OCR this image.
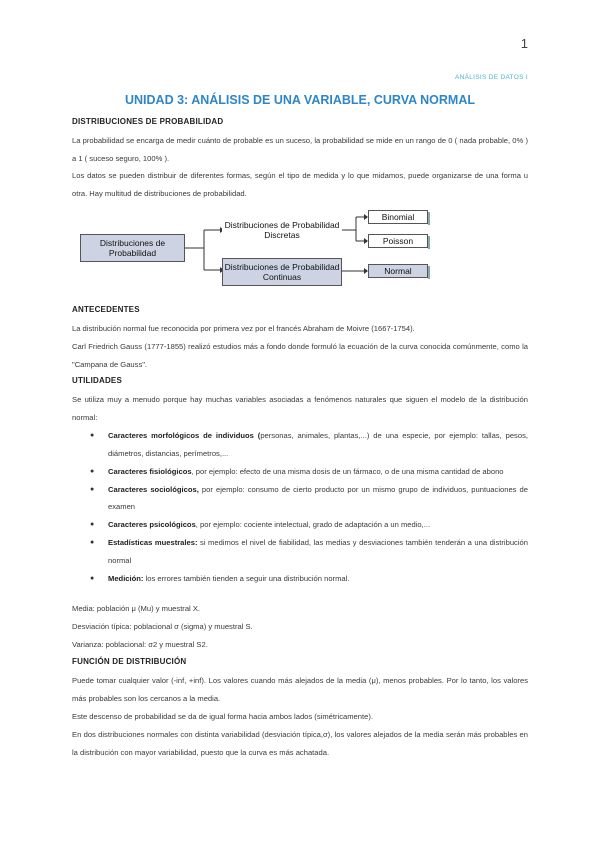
1
ANÁLISIS DE DATOS I
UNIDAD 3: ANÁLISIS DE UNA VARIABLE, CURVA NORMAL
DISTRIBUCIONES DE PROBABILIDAD
La probabilidad se encarga de medir cuánto de probable es un suceso, la probabilidad se mide en un rango de 0 ( nada probable, 0% ) a 1 ( suceso seguro, 100% ).
Los datos se pueden distribuir de diferentes formas, según el tipo de medida y lo que midamos, puede organizarse de una forma u otra. Hay multitud de distribuciones de probabilidad.
Distribuciones de Probabilidad
Distribuciones de Probabilidad Discretas
Distribuciones de Probabilidad Continuas
Binomial
Poisson
Normal
ANTECEDENTES
La distribución normal fue reconocida por primera vez por el francés Abraham de Moivre (1667-1754).
Carl Friedrich Gauss (1777-1855) realizó estudios más a fondo donde formuló la ecuación de la curva conocida comúnmente, como la "Campana de Gauss".
UTILIDADES
Se utiliza muy a menudo porque hay muchas variables asociadas a fenómenos naturales que siguen el modelo de la distribución normal:
● Caracteres morfológicos de individuos (personas, animales, plantas,...) de una especie, por ejemplo: tallas, pesos, diámetros, distancias, perímetros,...
● Caracteres fisiológicos, por ejemplo: efecto de una misma dosis de un fármaco, o de una misma cantidad de abono
● Caracteres sociológicos, por ejemplo: consumo de cierto producto por un mismo grupo de individuos, puntuaciones de examen
● Caracteres psicológicos, por ejemplo: cociente intelectual, grado de adaptación a un medio,...
● Estadísticas muestrales: si medimos el nivel de fiabilidad, las medias y desviaciones también tenderán a una distribución normal
● Medición: los errores también tienden a seguir una distribución normal.
Media: población μ (Mu) y muestral X.
Desviación típica: poblacional σ (sigma) y muestral S.
Varianza: poblacional: σ2 y muestral S2.
FUNCIÓN DE DISTRIBUCIÓN
Puede tomar cualquier valor (-inf, +inf). Los valores cuando más alejados de la media (μ), menos probables. Por lo tanto, los valores más probables son los cercanos a la media.
Este descenso de probabilidad se da de igual forma hacia ambos lados (simétricamente).
En dos distribuciones normales con distinta variabilidad (desviación típica,σ), los valores alejados de la media serán más probables en la distribución con mayor variabilidad, puesto que la curva es más achatada.
